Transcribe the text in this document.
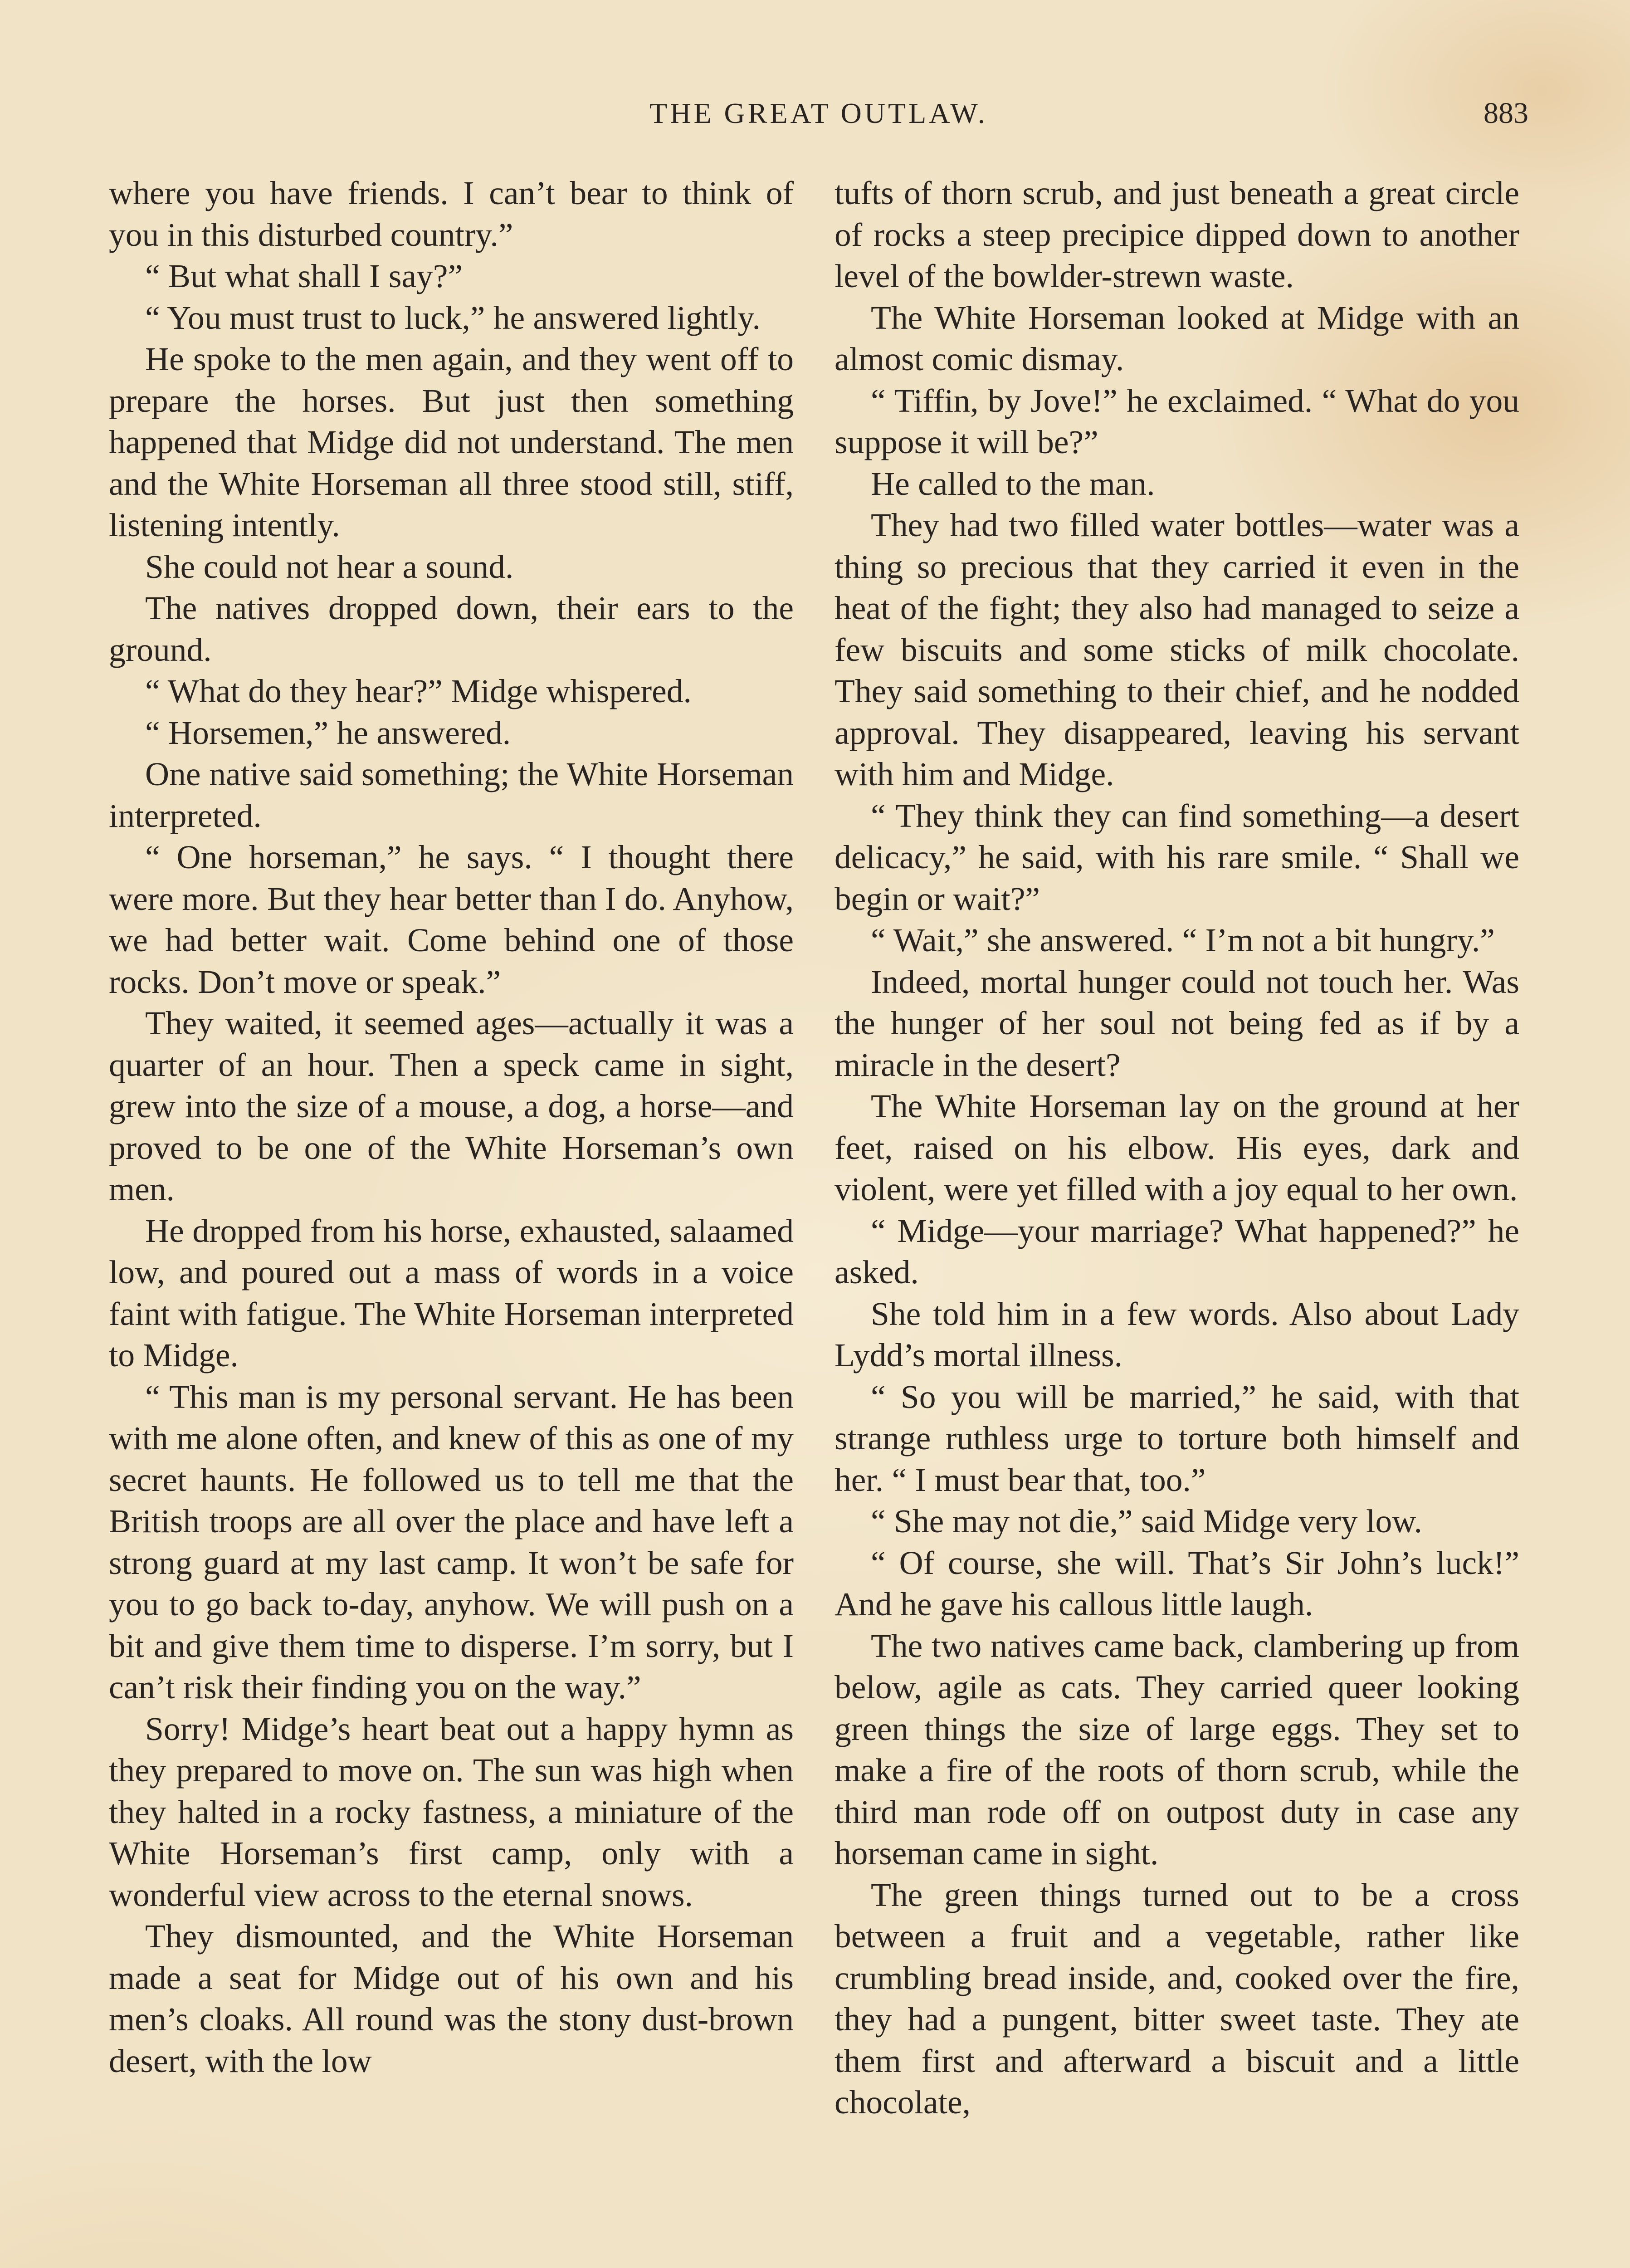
THE GREAT OUTLAW.	883

where you have friends. I can’t bear to think of you in this disturbed country.”

“ But what shall I say?”

“ You must trust to luck,” he answered lightly.

He spoke to the men again, and they went off to prepare the horses. But just then something happened that Midge did not understand. The men and the White Horseman all three stood still, stiff, listening intently.

She could not hear a sound.

The natives dropped down, their ears to the ground.

“ What do they hear?” Midge whispered.

“ Horsemen,” he answered.

One native said something; the White Horseman interpreted.

“ One horseman,” he says. “ I thought there were more. But they hear better than I do. Anyhow, we had better wait. Come behind one of those rocks. Don’t move or speak.”

They waited, it seemed ages—actually it was a quarter of an hour. Then a speck came in sight, grew into the size of a mouse, a dog, a horse—and proved to be one of the White Horseman’s own men.

He dropped from his horse, exhausted, salaamed low, and poured out a mass of words in a voice faint with fatigue. The White Horseman interpreted to Midge.

“ This man is my personal servant. He has been with me alone often, and knew of this as one of my secret haunts. He followed us to tell me that the British troops are all over the place and have left a strong guard at my last camp. It won’t be safe for you to go back to-day, anyhow. We will push on a bit and give them time to disperse. I’m sorry, but I can’t risk their finding you on the way.”

Sorry! Midge’s heart beat out a happy hymn as they prepared to move on. The sun was high when they halted in a rocky fastness, a miniature of the White Horseman’s first camp, only with a wonderful view across to the eternal snows.

They dismounted, and the White Horseman made a seat for Midge out of his own and his men’s cloaks. All round was the stony dust-brown desert, with the low

tufts of thorn scrub, and just beneath a great circle of rocks a steep precipice dipped down to another level of the bowlder-strewn waste.

The White Horseman looked at Midge with an almost comic dismay.

“ Tiffin, by Jove!” he exclaimed. “ What do you suppose it will be?”

He called to the man.

They had two filled water bottles—water was a thing so precious that they carried it even in the heat of the fight; they also had managed to seize a few biscuits and some sticks of milk chocolate. They said something to their chief, and he nodded approval. They disappeared, leaving his servant with him and Midge.

“ They think they can find something—a desert delicacy,” he said, with his rare smile. “ Shall we begin or wait?”

“ Wait,” she answered. “ I’m not a bit hungry.”

Indeed, mortal hunger could not touch her. Was the hunger of her soul not being fed as if by a miracle in the desert?

The White Horseman lay on the ground at her feet, raised on his elbow. His eyes, dark and violent, were yet filled with a joy equal to her own.

“ Midge—your marriage? What happened?” he asked.

She told him in a few words. Also about Lady Lydd’s mortal illness.

“ So you will be married,” he said, with that strange ruthless urge to torture both himself and her. “ I must bear that, too.”

“ She may not die,” said Midge very low.

“ Of course, she will. That’s Sir John’s luck!” And he gave his callous little laugh.

The two natives came back, clambering up from below, agile as cats. They carried queer looking green things the size of large eggs. They set to make a fire of the roots of thorn scrub, while the third man rode off on outpost duty in case any horseman came in sight.

The green things turned out to be a cross between a fruit and a vegetable, rather like crumbling bread inside, and, cooked over the fire, they had a pungent, bitter sweet taste. They ate them first and afterward a biscuit and a little chocolate,
